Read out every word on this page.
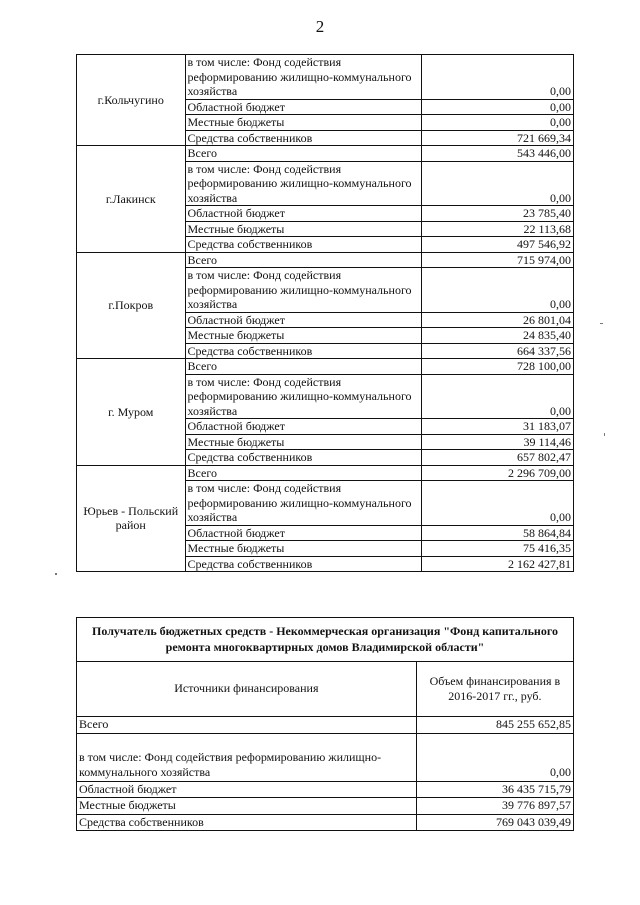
2
г.Кольчугино	в том числе: Фонд содействия реформированию жилищно-коммунального хозяйства	0,00
	Областной бюджет	0,00
	Местные бюджеты	0,00
	Средства собственников	721 669,34
г.Лакинск	Всего	543 446,00
	в том числе: Фонд содействия реформированию жилищно-коммунального хозяйства	0,00
	Областной бюджет	23 785,40
	Местные бюджеты	22 113,68
	Средства собственников	497 546,92
г.Покров	Всего	715 974,00
	в том числе: Фонд содействия реформированию жилищно-коммунального хозяйства	0,00
	Областной бюджет	26 801,04
	Местные бюджеты	24 835,40
	Средства собственников	664 337,56
г. Муром	Всего	728 100,00
	в том числе: Фонд содействия реформированию жилищно-коммунального хозяйства	0,00
	Областной бюджет	31 183,07
	Местные бюджеты	39 114,46
	Средства собственников	657 802,47
Юрьев - Польский район	Всего	2 296 709,00
	в том числе: Фонд содействия реформированию жилищно-коммунального хозяйства	0,00
	Областной бюджет	58 864,84
	Местные бюджеты	75 416,35
	Средства собственников	2 162 427,81
Получатель бюджетных средств - Некоммерческая организация "Фонд капитального ремонта многоквартирных домов Владимирской области"	
Источники финансирования	Объем финансирования в 2016-2017 гг., руб.
Всего	845 255 652,85
в том числе: Фонд содействия реформированию жилищно-коммунального хозяйства	0,00
Областной бюджет	36 435 715,79
Местные бюджеты	39 776 897,57
Средства собственников	769 043 039,49
